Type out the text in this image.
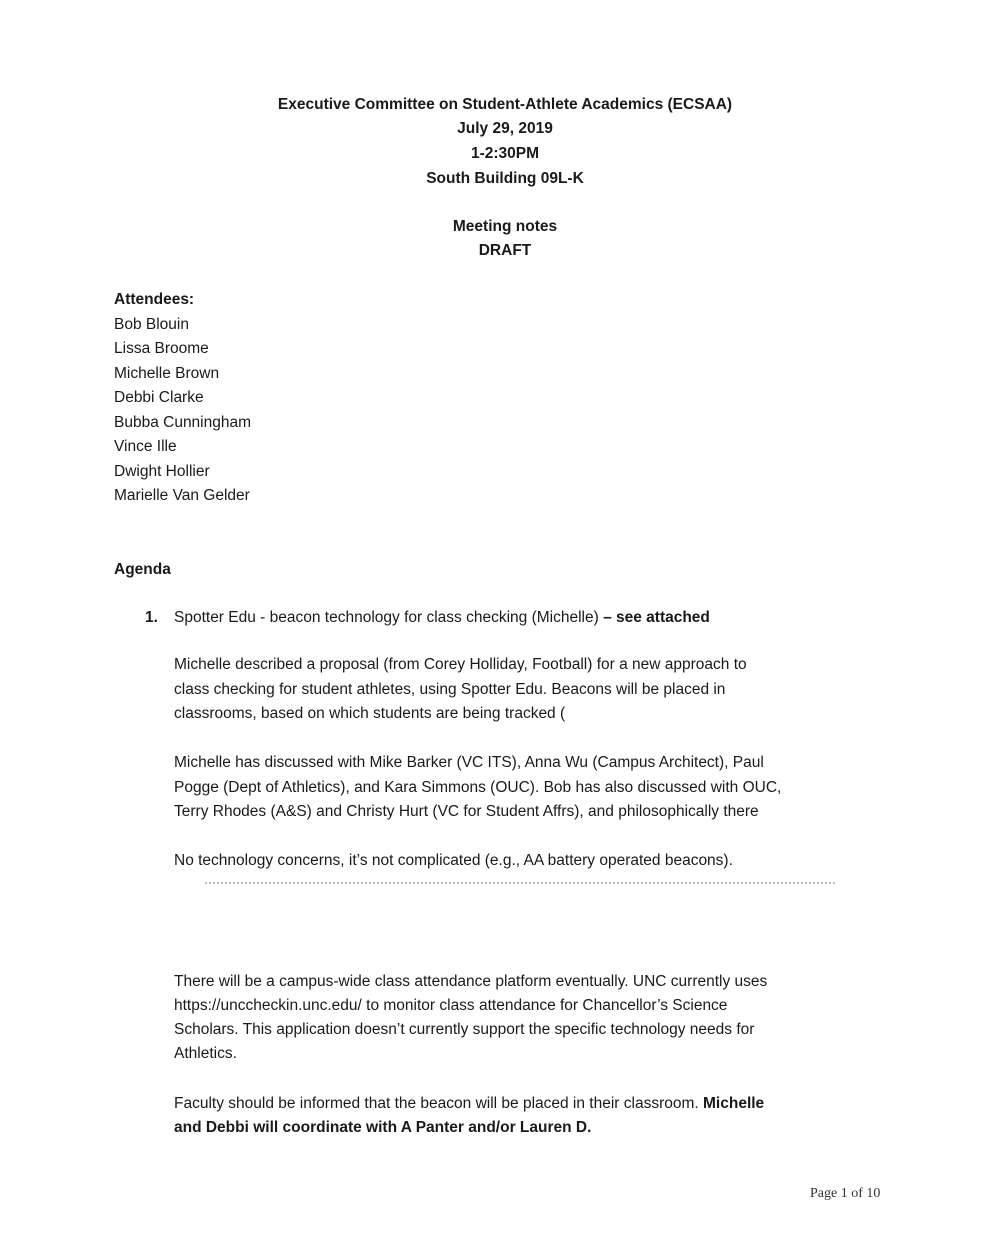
Executive Committee on Student-Athlete Academics (ECSAA)
July 29, 2019
1-2:30PM
South Building 09L-K
Meeting notes
DRAFT
Attendees:
Bob Blouin
Lissa Broome
Michelle Brown
Debbi Clarke
Bubba Cunningham
Vince Ille
Dwight Hollier
Marielle Van Gelder
Agenda
1. Spotter Edu - beacon technology for class checking (Michelle) – see attached
Michelle described a proposal (from Corey Holliday, Football) for a new approach to
class checking for student athletes, using Spotter Edu. Beacons will be placed in
classrooms, based on which students are being tracked (
Michelle has discussed with Mike Barker (VC ITS), Anna Wu (Campus Architect), Paul
Pogge (Dept of Athletics), and Kara Simmons (OUC). Bob has also discussed with OUC,
Terry Rhodes (A&S) and Christy Hurt (VC for Student Affrs), and philosophically there
No technology concerns, it’s not complicated (e.g., AA battery operated beacons).
There will be a campus-wide class attendance platform eventually. UNC currently uses
https://unccheckin.unc.edu/ to monitor class attendance for Chancellor’s Science
Scholars. This application doesn’t currently support the specific technology needs for
Athletics.
Faculty should be informed that the beacon will be placed in their classroom. Michelle
and Debbi will coordinate with A Panter and/or Lauren D.
Page 1 of 10
